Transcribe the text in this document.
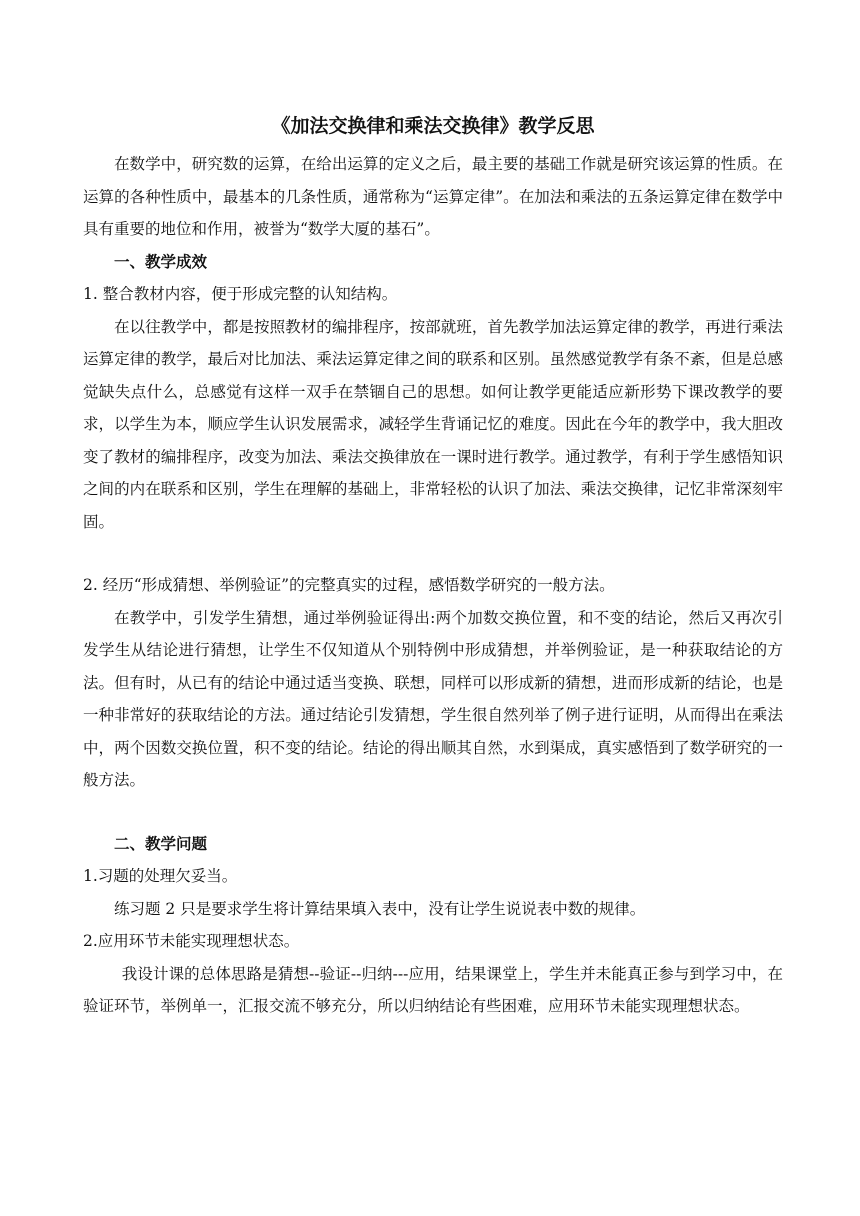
《加法交换律和乘法交换律》教学反思

在数学中，研究数的运算，在给出运算的定义之后，最主要的基础工作就是研究该运算的性质。在运算的各种性质中，最基本的几条性质，通常称为“运算定律”。在加法和乘法的五条运算定律在数学中具有重要的地位和作用，被誉为“数学大厦的基石”。

一、教学成效

1. 整合教材内容，便于形成完整的认知结构。

在以往教学中，都是按照教材的编排程序，按部就班，首先教学加法运算定律的教学，再进行乘法运算定律的教学，最后对比加法、乘法运算定律之间的联系和区别。虽然感觉教学有条不紊，但是总感觉缺失点什么，总感觉有这样一双手在禁锢自己的思想。如何让教学更能适应新形势下课改教学的要求，以学生为本，顺应学生认识发展需求，减轻学生背诵记忆的难度。因此在今年的教学中，我大胆改变了教材的编排程序，改变为加法、乘法交换律放在一课时进行教学。通过教学，有利于学生感悟知识之间的内在联系和区别，学生在理解的基础上，非常轻松的认识了加法、乘法交换律，记忆非常深刻牢固。

2. 经历“形成猜想、举例验证”的完整真实的过程，感悟数学研究的一般方法。

在教学中，引发学生猜想，通过举例验证得出:两个加数交换位置，和不变的结论，然后又再次引发学生从结论进行猜想，让学生不仅知道从个别特例中形成猜想，并举例验证，是一种获取结论的方法。但有时，从已有的结论中通过适当变换、联想，同样可以形成新的猜想，进而形成新的结论，也是一种非常好的获取结论的方法。通过结论引发猜想，学生很自然列举了例子进行证明，从而得出在乘法中，两个因数交换位置，积不变的结论。结论的得出顺其自然，水到渠成，真实感悟到了数学研究的一般方法。

二、教学问题

1.习题的处理欠妥当。

练习题 2 只是要求学生将计算结果填入表中，没有让学生说说表中数的规律。

2.应用环节未能实现理想状态。

我设计课的总体思路是猜想--验证--归纳---应用，结果课堂上，学生并未能真正参与到学习中，在验证环节，举例单一，汇报交流不够充分，所以归纳结论有些困难，应用环节未能实现理想状态。
